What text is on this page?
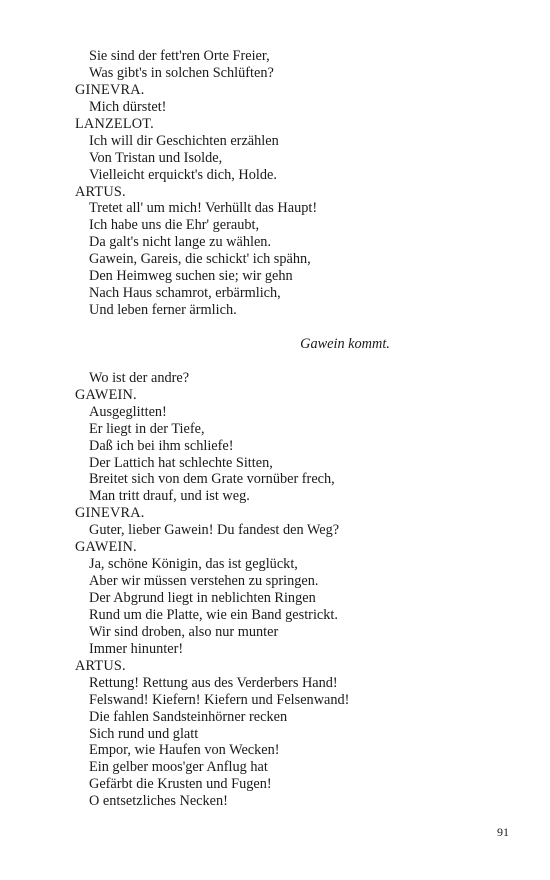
Sie sind der fett'ren Orte Freier,
Was gibt's in solchen Schlüften?
GINEVRA.
Mich dürstet!
LANZELOT.
Ich will dir Geschichten erzählen
Von Tristan und Isolde,
Vielleicht erquickt's dich, Holde.
ARTUS.
Tretet all' um mich! Verhüllt das Haupt!
Ich habe uns die Ehr' geraubt,
Da galt's nicht lange zu wählen.
Gawein, Gareis, die schickt' ich spähn,
Den Heimweg suchen sie; wir gehn
Nach Haus schamrot, erbärmlich,
Und leben ferner ärmlich.
Gawein kommt.
Wo ist der andre?
GAWEIN.
Ausgeglitten!
Er liegt in der Tiefe,
Daß ich bei ihm schliefe!
Der Lattich hat schlechte Sitten,
Breitet sich von dem Grate vornüber frech,
Man tritt drauf, und ist weg.
GINEVRA.
Guter, lieber Gawein! Du fandest den Weg?
GAWEIN.
Ja, schöne Königin, das ist geglückt,
Aber wir müssen verstehen zu springen.
Der Abgrund liegt in neblichten Ringen
Rund um die Platte, wie ein Band gestrickt.
Wir sind droben, also nur munter
Immer hinunter!
ARTUS.
Rettung! Rettung aus des Verderbers Hand!
Felswand! Kiefern! Kiefern und Felsenwand!
Die fahlen Sandsteinhörner recken
Sich rund und glatt
Empor, wie Haufen von Wecken!
Ein gelber moos'ger Anflug hat
Gefärbt die Krusten und Fugen!
O entsetzliches Necken!
91
